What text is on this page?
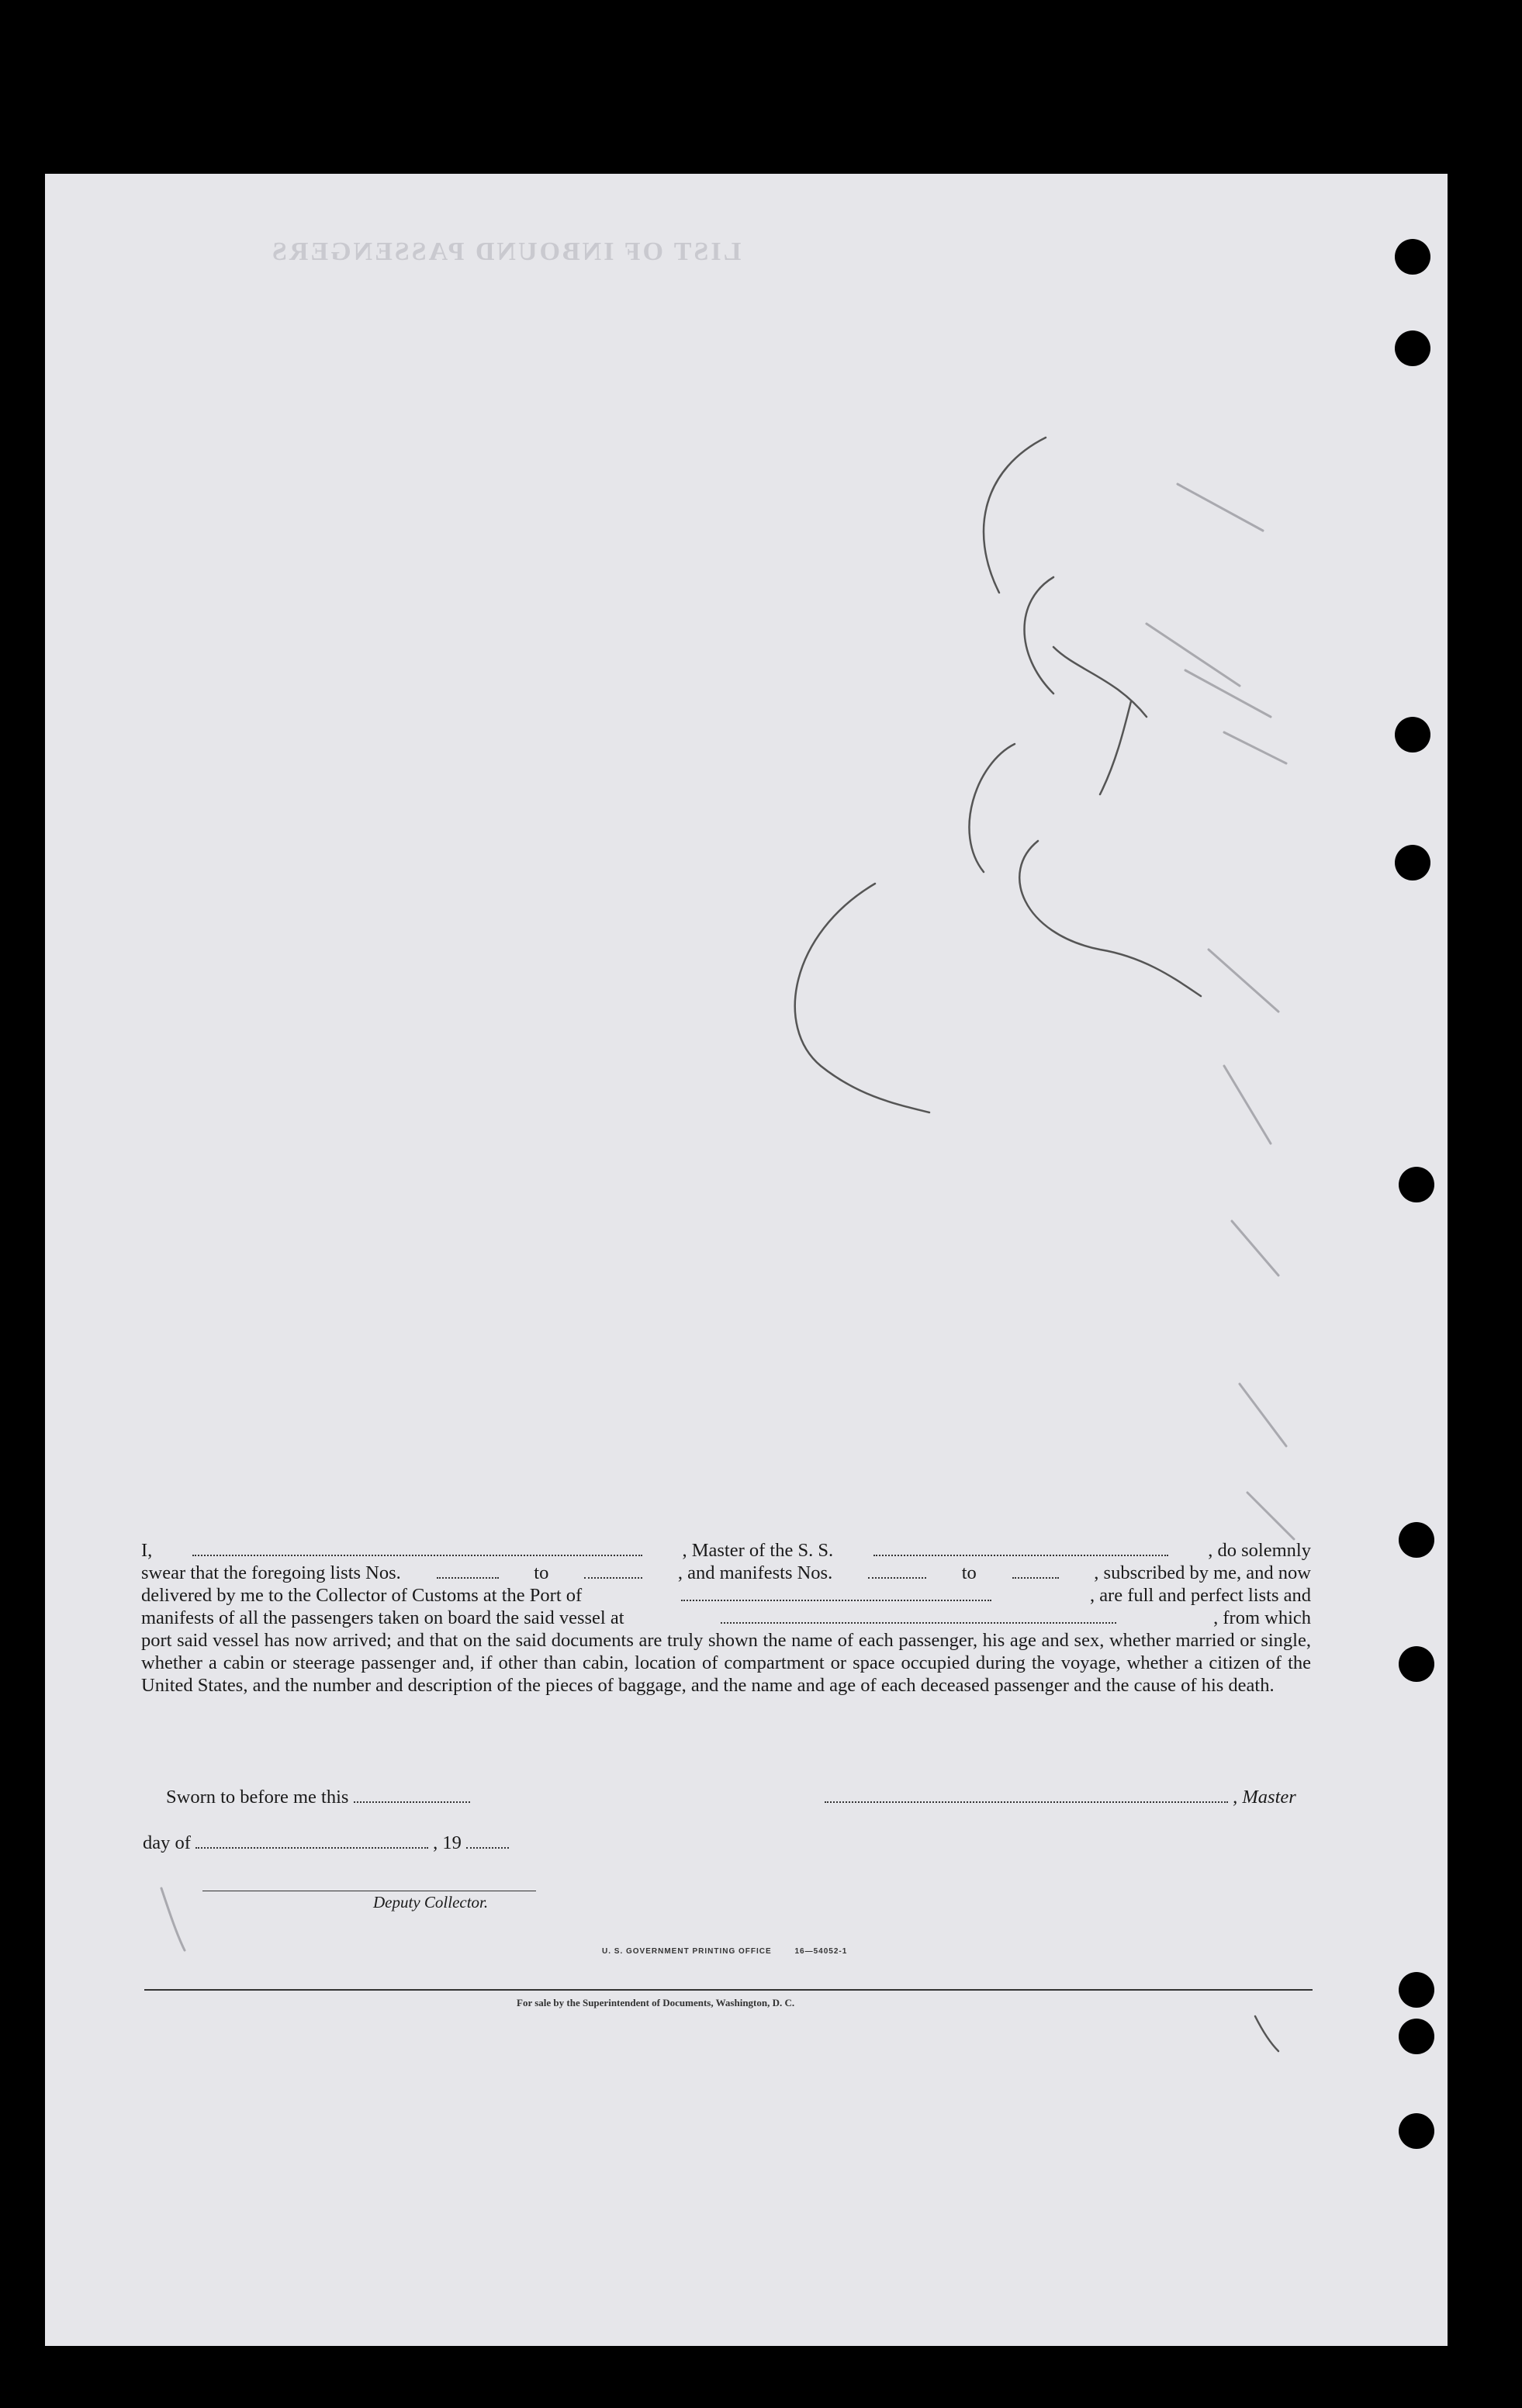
LIST OF INBOUND PASSENGERS
I,	, Master of the S. S.	, do solemnly
swear that the foregoing lists Nos.	to	, and manifests Nos.	to	, subscribed by me, and now
delivered by me to the Collector of Customs at the Port of	, are full and perfect lists and
manifests of all the passengers taken on board the said vessel at	, from which
port said vessel has now arrived; and that on the said documents are truly shown the name of each passenger, his age and sex, whether married or single, whether a cabin or steerage passenger and, if other than cabin, location of compartment or space occupied during the voyage, whether a citizen of the United States, and the number and description of the pieces of baggage, and the name and age of each deceased passenger and the cause of his death.
Sworn to before me this	, Master
day of	, 19
Deputy Collector.
U. S. GOVERNMENT PRINTING OFFICE	16—54052-1
For sale by the Superintendent of Documents, Washington, D. C.
